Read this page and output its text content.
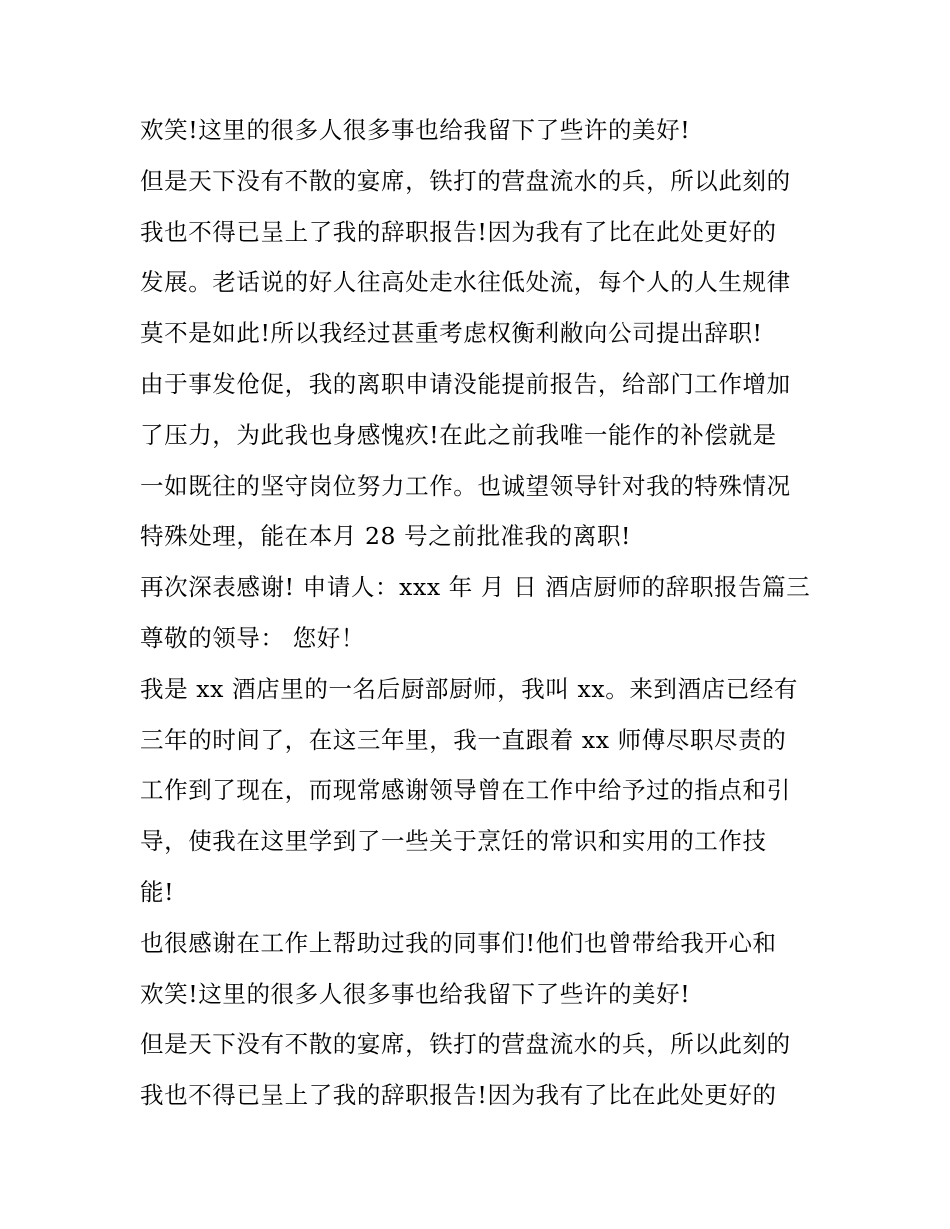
欢笑!这里的很多人很多事也给我留下了些许的美好!
但是天下没有不散的宴席，铁打的营盘流水的兵，所以此刻的
我也不得已呈上了我的辞职报告!因为我有了比在此处更好的
发展。老话说的好人往高处走水往低处流，每个人的人生规律
莫不是如此!所以我经过甚重考虑权衡利敝向公司提出辞职!
由于事发伧促，我的离职申请没能提前报告，给部门工作增加
了压力，为此我也身感愧疚!在此之前我唯一能作的补偿就是
一如既往的坚守岗位努力工作。也诚望领导针对我的特殊情况
特殊处理，能在本月 28 号之前批准我的离职!
再次深表感谢! 申请人：xxx 年 月 日 酒店厨师的辞职报告篇三
尊敬的领导： 您好！
我是 xx 酒店里的一名后厨部厨师，我叫 xx。来到酒店已经有
三年的时间了，在这三年里，我一直跟着 xx 师傅尽职尽责的
工作到了现在，而现常感谢领导曾在工作中给予过的指点和引
导，使我在这里学到了一些关于烹饪的常识和实用的工作技
能!
也很感谢在工作上帮助过我的同事们!他们也曾带给我开心和
欢笑!这里的很多人很多事也给我留下了些许的美好!
但是天下没有不散的宴席，铁打的营盘流水的兵，所以此刻的
我也不得已呈上了我的辞职报告!因为我有了比在此处更好的
